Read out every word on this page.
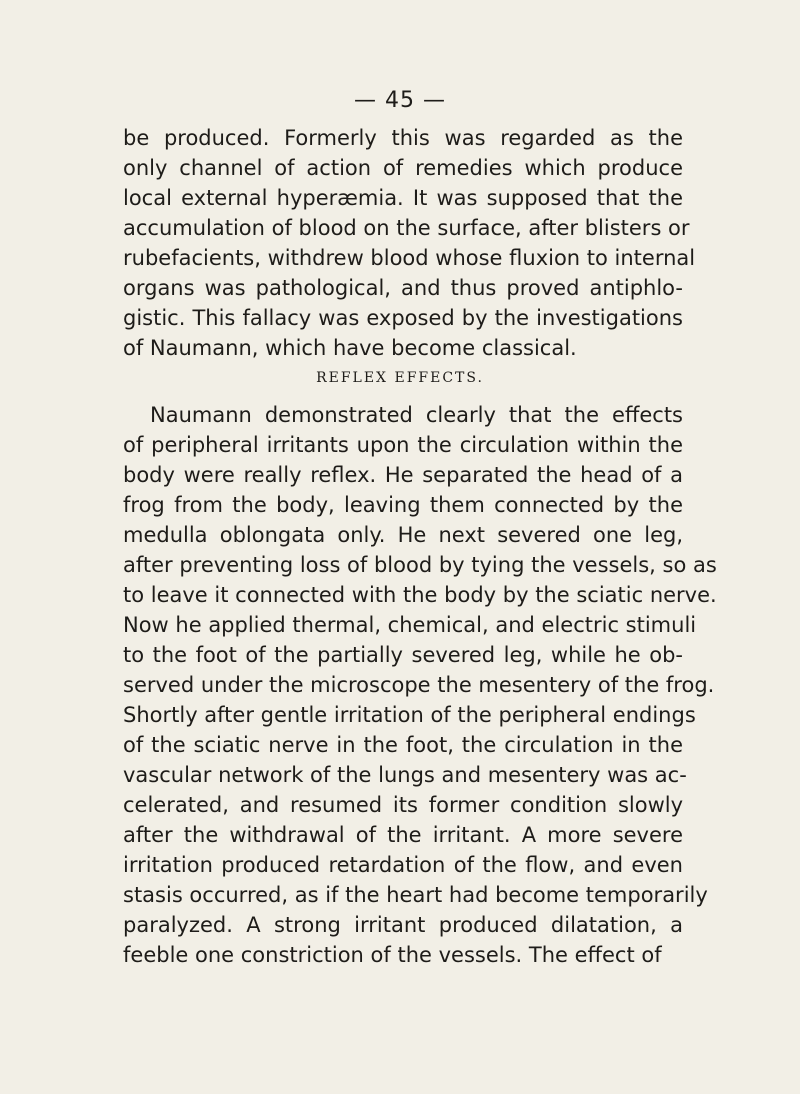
— 45 —
be produced. Formerly this was regarded as the
only channel of action of remedies which produce
local external hyperæmia. It was supposed that the
accumulation of blood on the surface, after blisters or
rubefacients, withdrew blood whose fluxion to internal
organs was pathological, and thus proved antiphlo-
gistic. This fallacy was exposed by the investigations
of Naumann, which have become classical.
REFLEX EFFECTS.
Naumann demonstrated clearly that the effects
of peripheral irritants upon the circulation within the
body were really reflex. He separated the head of a
frog from the body, leaving them connected by the
medulla oblongata only. He next severed one leg,
after preventing loss of blood by tying the vessels, so as
to leave it connected with the body by the sciatic nerve.
Now he applied thermal, chemical, and electric stimuli
to the foot of the partially severed leg, while he ob-
served under the microscope the mesentery of the frog.
Shortly after gentle irritation of the peripheral endings
of the sciatic nerve in the foot, the circulation in the
vascular network of the lungs and mesentery was ac-
celerated, and resumed its former condition slowly
after the withdrawal of the irritant. A more severe
irritation produced retardation of the flow, and even
stasis occurred, as if the heart had become temporarily
paralyzed. A strong irritant produced dilatation, a
feeble one constriction of the vessels. The effect of
